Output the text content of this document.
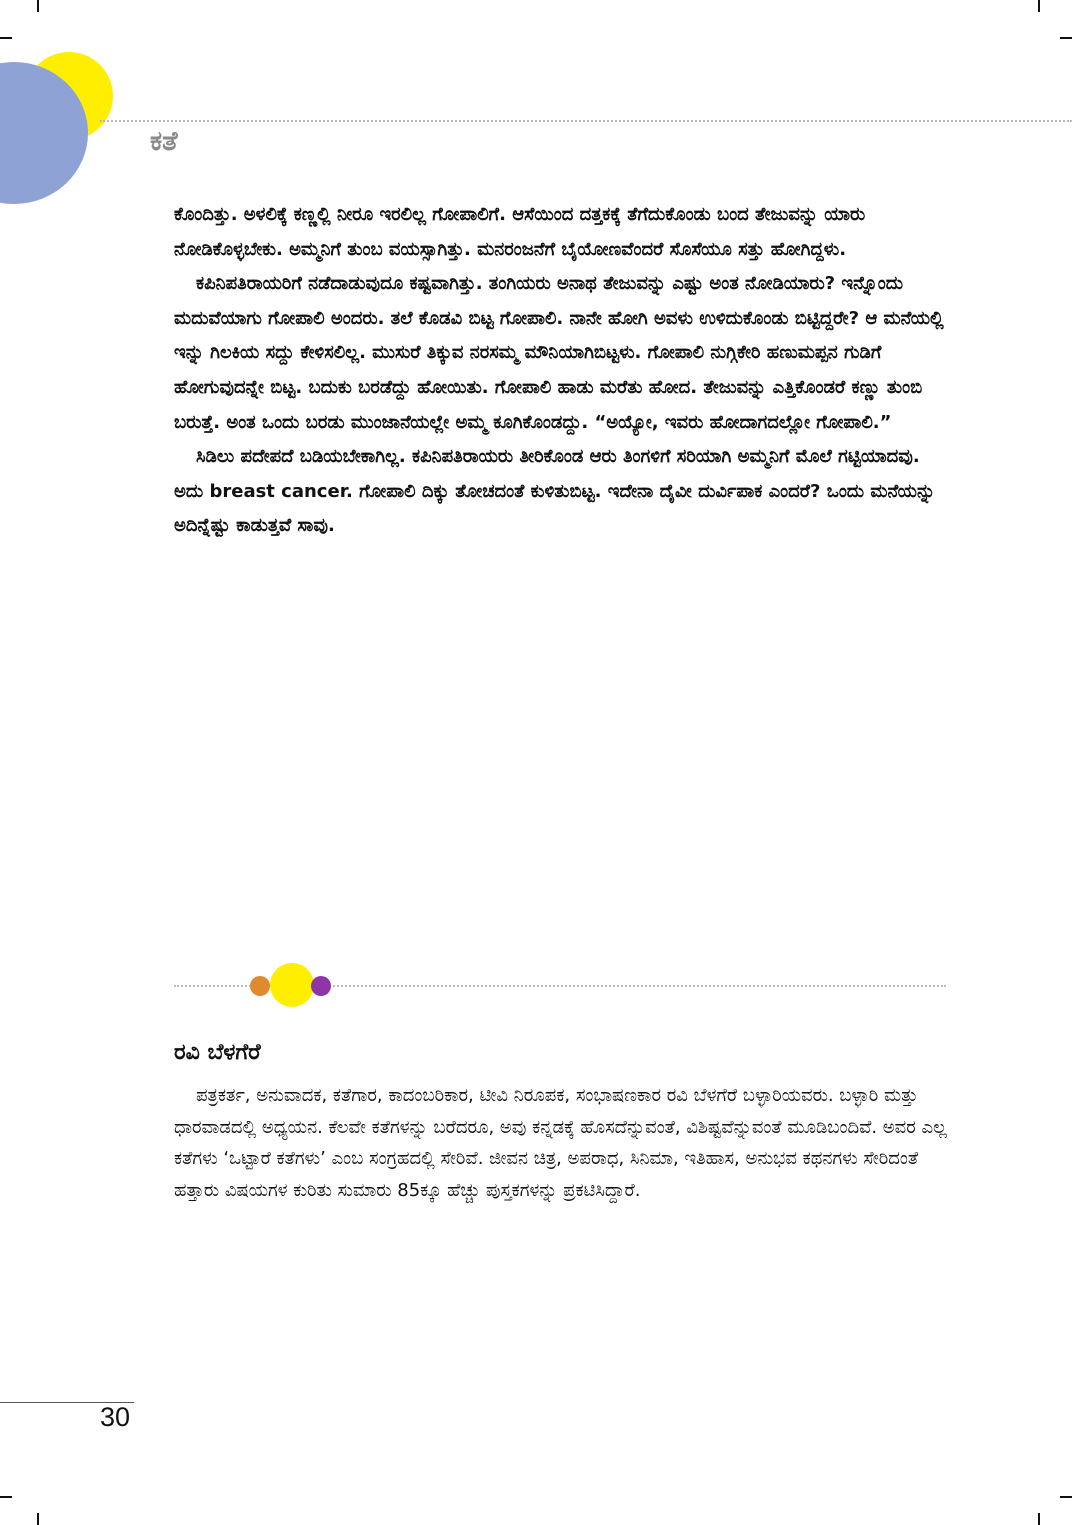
ಕತೆ

ಕೊಂದಿತ್ತು. ಅಳಲಿಕ್ಕೆ ಕಣ್ಣಲ್ಲಿ ನೀರೂ ಇರಲಿಲ್ಲ ಗೋಪಾಲಿಗೆ. ಆಸೆಯಿಂದ ದತ್ತಕಕ್ಕೆ ತೆಗೆದುಕೊಂಡು ಬಂದ ತೇಜುವನ್ನು ಯಾರು ನೋಡಿಕೊಳ್ಳಬೇಕು. ಅಮ್ಮನಿಗೆ ತುಂಬ ವಯಸ್ಸಾಗಿತ್ತು. ಮನರಂಜನೆಗೆ ಬೈಯೋಣವೆಂದರೆ ಸೊಸೆಯೂ ಸತ್ತು ಹೋಗಿದ್ದಳು.

ಕಪಿನಿಪತಿರಾಯರಿಗೆ ನಡೆದಾಡುವುದೂ ಕಷ್ಟವಾಗಿತ್ತು. ತಂಗಿಯರು ಅನಾಥ ತೇಜುವನ್ನು ಎಷ್ಟು ಅಂತ ನೋಡಿಯಾರು? ಇನ್ನೊಂದು ಮದುವೆಯಾಗು ಗೋಪಾಲಿ ಅಂದರು. ತಲೆ ಕೊಡವಿ ಬಿಟ್ಟ ಗೋಪಾಲಿ. ನಾನೇ ಹೋಗಿ ಅವಳು ಉಳಿದುಕೊಂಡು ಬಿಟ್ಟಿದ್ದರೇ? ಆ ಮನೆಯಲ್ಲಿ ಇನ್ನು ಗಿಲಕಿಯ ಸದ್ದು ಕೇಳಿಸಲಿಲ್ಲ. ಮುಸುರೆ ತಿಕ್ಕುವ ನರಸಮ್ಮ ಮೌನಿಯಾಗಿಬಿಟ್ಟಳು. ಗೋಪಾಲಿ ನುಗ್ಗಿಕೇರಿ ಹಣುಮಪ್ಪನ ಗುಡಿಗೆ ಹೋಗುವುದನ್ನೇ ಬಿಟ್ಟ. ಬದುಕು ಬರಡೆದ್ದು ಹೋಯಿತು. ಗೋಪಾಲಿ ಹಾಡು ಮರೆತು ಹೋದ. ತೇಜುವನ್ನು ಎತ್ತಿಕೊಂಡರೆ ಕಣ್ಣು ತುಂಬಿ ಬರುತ್ತೆ. ಅಂತ ಒಂದು ಬರಡು ಮುಂಜಾನೆಯಲ್ಲೇ ಅಮ್ಮ ಕೂಗಿಕೊಂಡದ್ದು. “ಅಯ್ಯೋ, ಇವರು ಹೋದಾಗದಲ್ಲೋ ಗೋಪಾಲಿ.”

ಸಿಡಿಲು ಪದೇಪದೆ ಬಡಿಯಬೇಕಾಗಿಲ್ಲ. ಕಪಿನಿಪತಿರಾಯರು ತೀರಿಕೊಂಡ ಆರು ತಿಂಗಳಿಗೆ ಸರಿಯಾಗಿ ಅಮ್ಮನಿಗೆ ಮೊಲೆ ಗಟ್ಟಿಯಾದವು. ಅದು breast cancer. ಗೋಪಾಲಿ ದಿಕ್ಕು ತೋಚದಂತೆ ಕುಳಿತುಬಿಟ್ಟ. ಇದೇನಾ ದೈವೀ ದುರ್ವಿಪಾಕ ಎಂದರೆ? ಒಂದು ಮನೆಯನ್ನು ಅದಿನ್ನೆಷ್ಟು ಕಾಡುತ್ತವೆ ಸಾವು.

ರವಿ ಬೆಳಗೆರೆ

ಪತ್ರಕರ್ತ, ಅನುವಾದಕ, ಕತೆಗಾರ, ಕಾದಂಬರಿಕಾರ, ಟೀವಿ ನಿರೂಪಕ, ಸಂಭಾಷಣಕಾರ ರವಿ ಬೆಳಗೆರೆ ಬಳ್ಳಾರಿಯವರು. ಬಳ್ಳಾರಿ ಮತ್ತು ಧಾರವಾಡದಲ್ಲಿ ಅಧ್ಯಯನ. ಕೆಲವೇ ಕತೆಗಳನ್ನು ಬರೆದರೂ, ಅವು ಕನ್ನಡಕ್ಕೆ ಹೊಸದೆನ್ನುವಂತೆ, ವಿಶಿಷ್ಟವೆನ್ನುವಂತೆ ಮೂಡಿಬಂದಿವೆ. ಅವರ ಎಲ್ಲ ಕತೆಗಳು ‘ಒಟ್ಟಾರೆ ಕತೆಗಳು’ ಎಂಬ ಸಂಗ್ರಹದಲ್ಲಿ ಸೇರಿವೆ. ಜೀವನ ಚಿತ್ರ, ಅಪರಾಧ, ಸಿನಿಮಾ, ಇತಿಹಾಸ, ಅನುಭವ ಕಥನಗಳು ಸೇರಿದಂತೆ ಹತ್ತಾರು ವಿಷಯಗಳ ಕುರಿತು ಸುಮಾರು 85ಕ್ಕೂ ಹೆಚ್ಚು ಪುಸ್ತಕಗಳನ್ನು ಪ್ರಕಟಿಸಿದ್ದಾರೆ.

30
